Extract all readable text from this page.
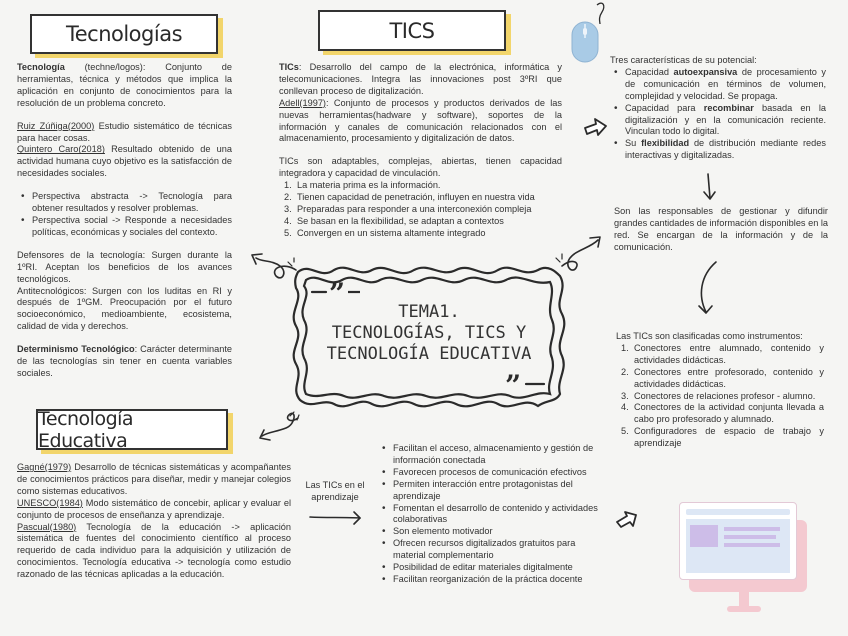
Tecnologías	TICS
Tecnología Educativa

Tecnología (techne/logos): Conjunto de herramientas, técnica y métodos que implica la aplicación en conjunto de conocimientos para la resolución de un problema concreto.

Ruiz Zúñiga(2000) Estudio sistemático de técnicas para hacer cosas.

Quintero Caro(2018) Resultado obtenido de una actividad humana cuyo objetivo es la satisfacción de necesidades sociales.

• Perspectiva abstracta -> Tecnología para obtener resultados y resolver problemas.
• Perspectiva social -> Responde a necesidades políticas, económicas y sociales del contexto.
Defensores de la tecnología: Surgen durante la 1ºRI. Aceptan los beneficios de los avances tecnológicos.

Antitecnológicos: Surgen con los luditas en RI y después de 1ºGM. Preocupación por el futuro socioeconómico, medioambiente, ecosistema, calidad de vida y derechos.

Determinismo Tecnológico: Carácter determinante de las tecnologías sin tener en cuenta variables sociales.

TICs: Desarrollo del campo de la electrónica, informática y telecomunicaciones. Integra las innovaciones post 3ºRI que conllevan proceso de digitalización.

Adell(1997): Conjunto de procesos y productos derivados de las nuevas herramientas(hadware y software), soportes de la información y canales de comunicación relacionados con el almacenamiento, procesamiento y digitalización de datos.

TICs son adaptables, complejas, abiertas, tienen capacidad integradora y capacidad de vinculación.
La materia prima es la información.
Tienen capacidad de penetración, influyen en nuestra vida
Preparadas para responder a una interconexión compleja
Se basan en la flexibilidad, se adaptan a contextos
Convergen en un sistema altamente integrado
Tres características de su potencial:
• Capacidad autoexpansiva de procesamiento y de comunicación en términos de volumen, complejidad y velocidad. Se propaga.
• Capacidad para recombinar basada en la digitalización y en la comunicación reciente. Vinculan todo lo digital.
• Su flexibilidad de distribución mediante redes interactivas y digitalizadas.
Son las responsables de gestionar y difundir grandes cantidades de información disponibles en la red. Se encargan de la información y de la comunicación.
Las TICs son clasificadas como instrumentos:
Conectores entre alumnado, contenido y actividades didácticas.
Conectores entre profesorado, contenido y actividades didácticas.
Conectores de relaciones profesor - alumno.
Conectores de la actividad conjunta llevada a cabo pro profesorado y alumnado.
Configuradores de espacio de trabajo y aprendizaje
Las TICs en el aprendizaje
• Facilitan el acceso, almacenamiento y gestión de información conectada
• Favorecen procesos de comunicación efectivos
• Permiten interacción entre protagonistas del aprendizaje
• Fomentan el desarrollo de contenido y actividades colaborativas
• Son elemento motivador
• Ofrecen recursos digitalizados gratuitos para material complementario
• Posibilidad de editar materiales digitalmente
• Facilitan reorganización de la práctica docente
Gagné(1979) Desarrollo de técnicas sistemáticas y acompañantes de conocimientos prácticos para diseñar, medir y manejar colegios como sistemas educativos.
UNESCO(1984) Modo sistemático de concebir, aplicar y evaluar el conjunto de procesos de enseñanza y aprendizaje.
Pascual(1980) Tecnología de la educación -> aplicación sistemática de fuentes del conocimiento científico al proceso requerido de cada individuo para la adquisición y utilización de conocimientos. Tecnología educativa -> tecnología como estudio razonado de las técnicas aplicadas a la educación.
”
”
TEMA1.
TECNOLOGÍAS, TICS Y
TECNOLOGÍA EDUCATIVA
